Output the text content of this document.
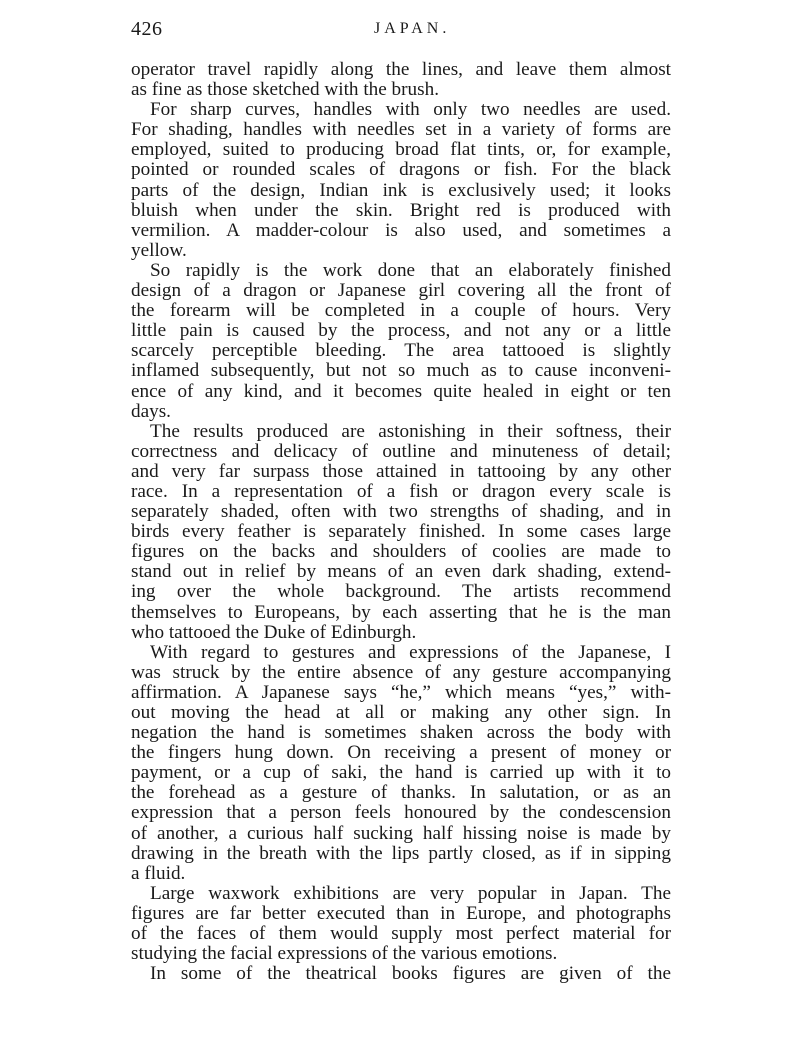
426	JAPAN.
operator travel rapidly along the lines, and leave them almost
as fine as those sketched with the brush.
For sharp curves, handles with only two needles are used.
For shading, handles with needles set in a variety of forms are
employed, suited to producing broad flat tints, or, for example,
pointed or rounded scales of dragons or fish. For the black
parts of the design, Indian ink is exclusively used; it looks
bluish when under the skin. Bright red is produced with
vermilion. A madder-colour is also used, and sometimes a
yellow.
So rapidly is the work done that an elaborately finished
design of a dragon or Japanese girl covering all the front of
the forearm will be completed in a couple of hours. Very
little pain is caused by the process, and not any or a little
scarcely perceptible bleeding. The area tattooed is slightly
inflamed subsequently, but not so much as to cause inconveni-
ence of any kind, and it becomes quite healed in eight or ten
days.
The results produced are astonishing in their softness, their
correctness and delicacy of outline and minuteness of detail;
and very far surpass those attained in tattooing by any other
race. In a representation of a fish or dragon every scale is
separately shaded, often with two strengths of shading, and in
birds every feather is separately finished. In some cases large
figures on the backs and shoulders of coolies are made to
stand out in relief by means of an even dark shading, extend-
ing over the whole background. The artists recommend
themselves to Europeans, by each asserting that he is the man
who tattooed the Duke of Edinburgh.
With regard to gestures and expressions of the Japanese, I
was struck by the entire absence of any gesture accompanying
affirmation. A Japanese says “he,” which means “yes,” with-
out moving the head at all or making any other sign. In
negation the hand is sometimes shaken across the body with
the fingers hung down. On receiving a present of money or
payment, or a cup of saki, the hand is carried up with it to
the forehead as a gesture of thanks. In salutation, or as an
expression that a person feels honoured by the condescension
of another, a curious half sucking half hissing noise is made by
drawing in the breath with the lips partly closed, as if in sipping
a fluid.
Large waxwork exhibitions are very popular in Japan. The
figures are far better executed than in Europe, and photographs
of the faces of them would supply most perfect material for
studying the facial expressions of the various emotions.
In some of the theatrical books figures are given of the
